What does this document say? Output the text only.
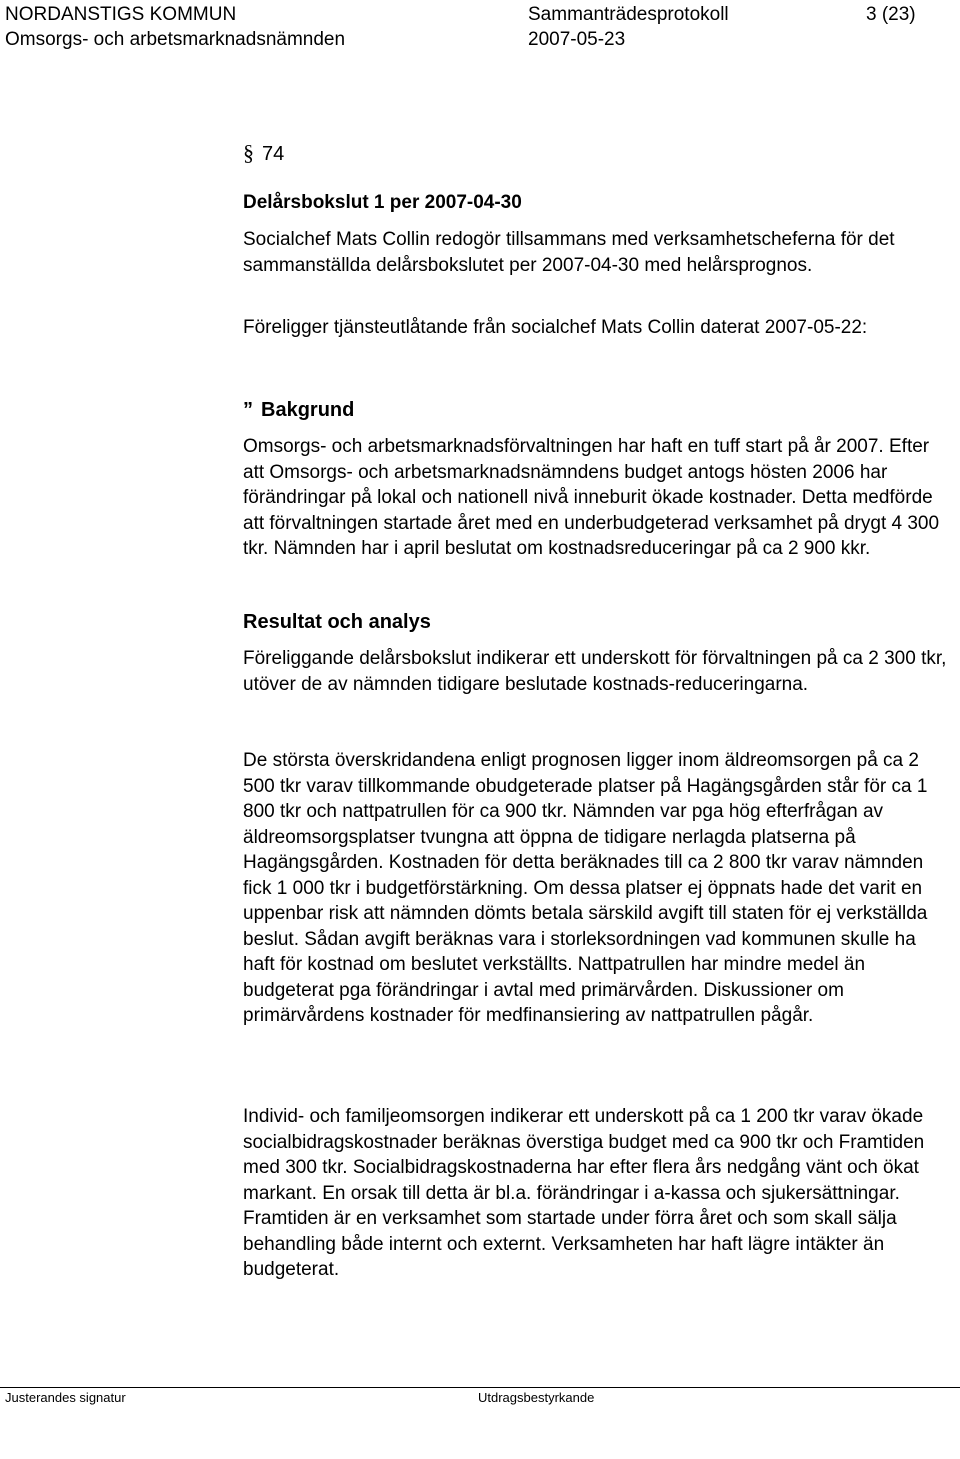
NORDANSTIGS KOMMUN	Sammanträdesprotokoll	3 (23)
Omsorgs- och arbetsmarknadsnämnden	2007-05-23
§ 74
Delårsbokslut 1 per 2007-04-30

Socialchef Mats Collin redogör tillsammans med verksamhetscheferna för det sammanställda delårsbokslutet per 2007-04-30 med helårsprognos.

Föreligger tjänsteutlåtande från socialchef Mats Collin daterat 2007-05-22:

” Bakgrund

Omsorgs- och arbetsmarknadsförvaltningen har haft en tuff start på år 2007. Efter att Omsorgs- och arbetsmarknadsnämndens budget antogs hösten 2006 har förändringar på lokal och nationell nivå inneburit ökade kostnader. Detta medförde att förvaltningen startade året med en underbudgeterad verksamhet på drygt 4 300 tkr. Nämnden har i april beslutat om kostnadsreduceringar på ca 2 900 kkr.

Resultat och analys

Föreliggande delårsbokslut indikerar ett underskott för förvaltningen på ca 2 300 tkr, utöver de av nämnden tidigare beslutade kostnads-reduceringarna.

De största överskridandena enligt prognosen ligger inom äldreomsorgen på ca 2 500 tkr varav tillkommande obudgeterade platser på Hagängsgården står för ca 1 800 tkr och nattpatrullen för ca 900 tkr. Nämnden var pga hög efterfrågan av äldreomsorgsplatser tvungna att öppna de tidigare nerlagda platserna på Hagängsgården. Kostnaden för detta beräknades till ca 2 800 tkr varav nämnden fick 1 000 tkr i budgetförstärkning. Om dessa platser ej öppnats hade det varit en uppenbar risk att nämnden dömts betala särskild avgift till staten för ej verkställda beslut. Sådan avgift beräknas vara i storleksordningen vad kommunen skulle ha haft för kostnad om beslutet verkställts. Nattpatrullen har mindre medel än budgeterat pga förändringar i avtal med primärvården. Diskussioner om primärvårdens kostnader för medfinansiering av nattpatrullen pågår.

Individ- och familjeomsorgen indikerar ett underskott på ca 1 200 tkr varav ökade socialbidragskostnader beräknas överstiga budget med ca 900 tkr och Framtiden med 300 tkr. Socialbidragskostnaderna har efter flera års nedgång vänt och ökat markant. En orsak till detta är bl.a. förändringar i a-kassa och sjukersättningar. Framtiden är en verksamhet som startade under förra året och som skall sälja behandling både internt och externt. Verksamheten har haft lägre intäkter än budgeterat.

Justerandes signatur	Utdragsbestyrkande
